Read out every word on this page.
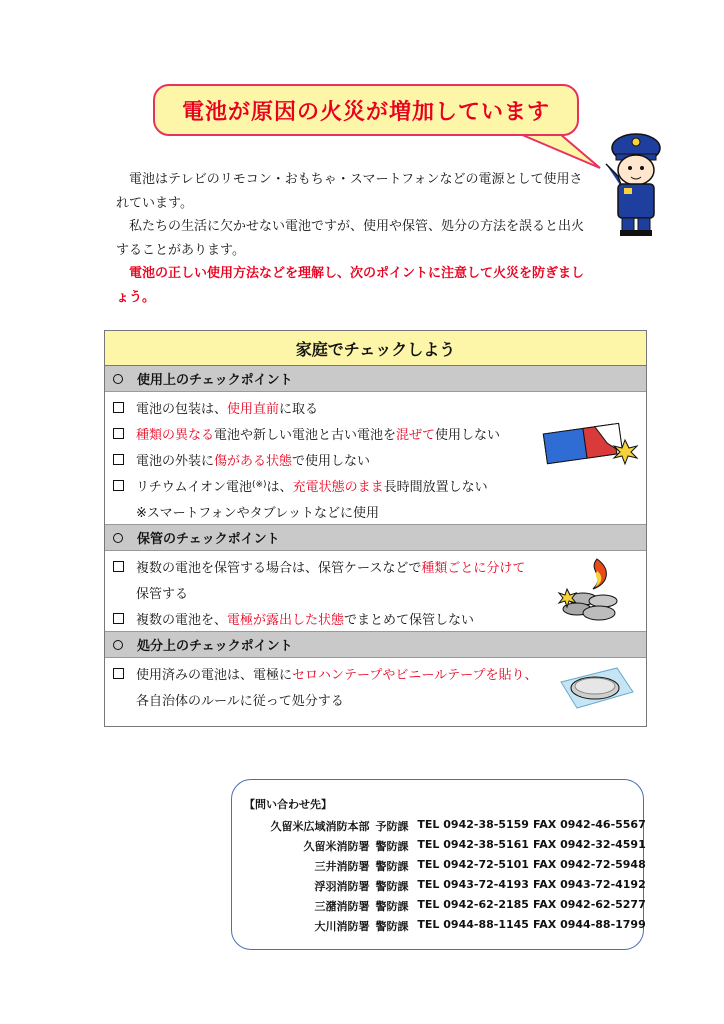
電池が原因の火災が増加しています

電池はテレビのリモコン・おもちゃ・スマートフォンなどの電源として使用されています。

私たちの生活に欠かせない電池ですが、使用や保管、処分の方法を誤ると出火することがあります。

電池の正しい使用方法などを理解し、次のポイントに注意して火災を防ぎましょう。

家庭でチェックしよう
使用上のチェックポイント
電池の包装は、 使用直前 に取る
種類の異なる 電池や新しい電池と古い電池を 混ぜて 使用しない
電池の外装に 傷がある状態 で使用しない
リチウムイオン電池 (※) は、 充電状態のまま 長時間放置しない
※スマートフォンやタブレットなどに使用
保管のチェックポイント
複数の電池を保管する場合は、保管ケースなどで 種類ごとに分けて
保管する
複数の電池を、 電極が露出した状態 でまとめて保管しない
処分上のチェックポイント
使用済みの電池は、電極に セロハンテープやビニールテープを貼り、
各自治体のルールに従って処分する
【問い合わせ先】
久留米広域消防本部 予防課 TEL 0942-38-5159 FAX 0942-46-5567
久留米消防署 警防課 TEL 0942-38-5161 FAX 0942-32-4591
三井消防署 警防課 TEL 0942-72-5101 FAX 0942-72-5948
浮羽消防署 警防課 TEL 0943-72-4193 FAX 0943-72-4192
三潴消防署 警防課 TEL 0942-62-2185 FAX 0942-62-5277
大川消防署 警防課 TEL 0944-88-1145 FAX 0944-88-1799
